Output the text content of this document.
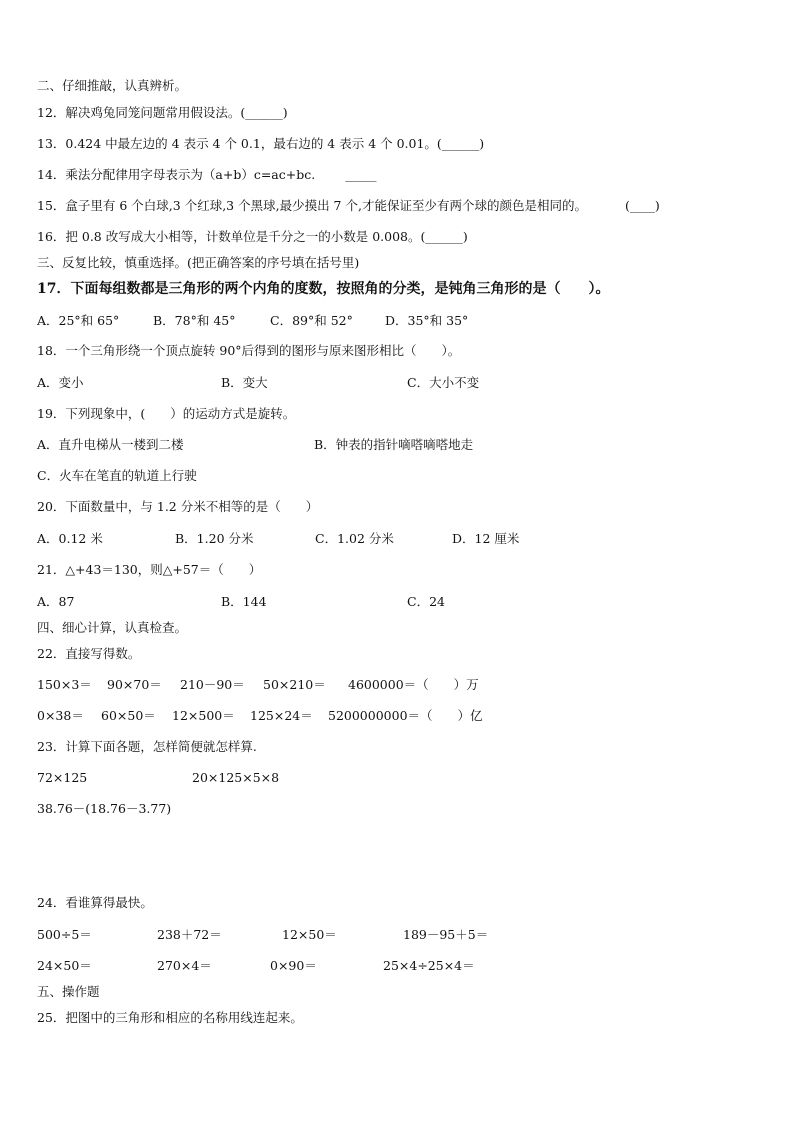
二、仔细推敲，认真辨析。
12．解决鸡兔同笼问题常用假设法。(______)
13．0.424 中最左边的 4 表示 4 个 0.1，最右边的 4 表示 4 个 0.01。(______)
14．乘法分配律用字母表示为（a+b）c=ac+bc. _____
15．盒子里有 6 个白球,3 个红球,3 个黑球,最少摸出 7 个,才能保证至少有两个球的颜色是相同的。	(____)
16．把 0.8 改写成大小相等，计数单位是千分之一的小数是 0.008。(______)
三、反复比较，慎重选择。(把正确答案的序号填在括号里)
17．下面每组数都是三角形的两个内角的度数，按照角的分类，是钝角三角形的是（　　）。
A．25°和 65°	B．78°和 45°	C．89°和 52°	D．35°和 35°
18．一个三角形绕一个顶点旋转 90°后得到的图形与原来图形相比（　　）。
A．变小	B．变大	C．大小不变
19．下列现象中，(　　）的运动方式是旋转。
A．直升电梯从一楼到二楼	B．钟表的指针嘀嗒嘀嗒地走
C．火车在笔直的轨道上行驶
20．下面数量中，与 1.2 分米不相等的是（　　）
A．0.12 米	B．1.20 分米	C．1.02 分米	D．12 厘米
21．△+43＝130，则△+57＝（　　）
A．87	B．144	C．24
四、细心计算，认真检查。
22．直接写得数。
150×3＝ 90×70＝ 210－90＝ 50×210＝ 4600000＝（　　）万
0×38＝ 60×50＝ 12×500＝ 125×24＝ 5200000000＝（　　）亿
23．计算下面各题，怎样简便就怎样算.
72×125	20×125×5×8
38.76－(18.76－3.77)
24．看谁算得最快。
500÷5＝	238＋72＝	12×50＝	189－95＋5＝
24×50＝	270×4＝	0×90＝	25×4÷25×4＝
五、操作题
25．把图中的三角形和相应的名称用线连起来。
